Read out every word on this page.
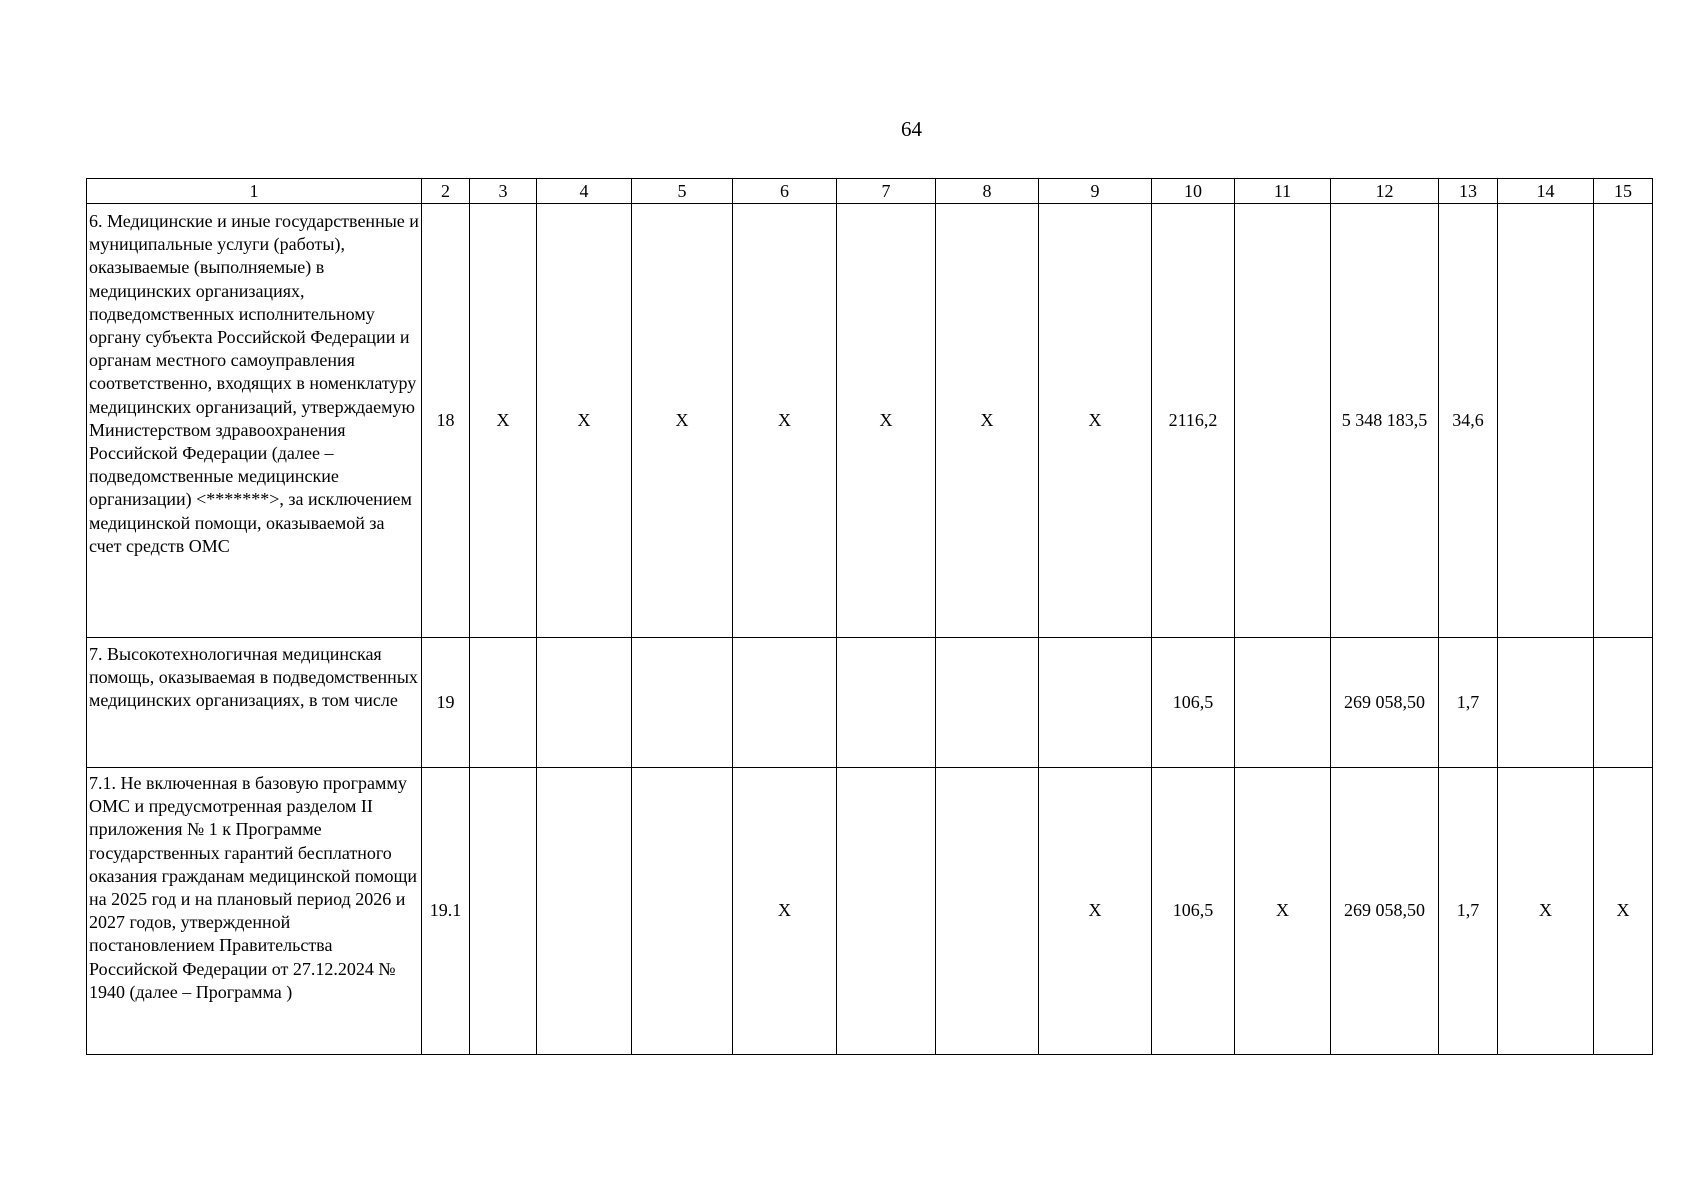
64
1	2	3	4	5	6	7	8	9	10	11	12	13	14	15
6. Медицинские и иные государственные и муниципальные услуги (работы), оказываемые (выполняемые) в медицинских организациях, подведомственных исполнительному органу субъекта Российской Федерации и органам местного самоуправления соответственно, входящих в номенклатуру медицинских организаций, утверждаемую Министерством здравоохранения Российской Федерации (далее – подведомственные медицинские организации) <*******>, за исключением медицинской помощи, оказываемой за счет средств ОМС	18	X	X	X	X	X	X	X	2116,2		5 348 183,5	34,6		
7. Высокотехнологичная медицинская помощь, оказываемая в подведомственных медицинских организациях, в том числе	19								106,5		269 058,50	1,7		
7.1. Не включенная в базовую программу ОМС и предусмотренная разделом II приложения № 1 к Программе государственных гарантий бесплатного оказания гражданам медицинской помощи на 2025 год и на плановый период 2026 и 2027 годов, утвержденной постановлением Правительства Российской Федерации от 27.12.2024 № 1940 (далее – Программа )	19.1				X			X	106,5	X	269 058,50	1,7	X	X
